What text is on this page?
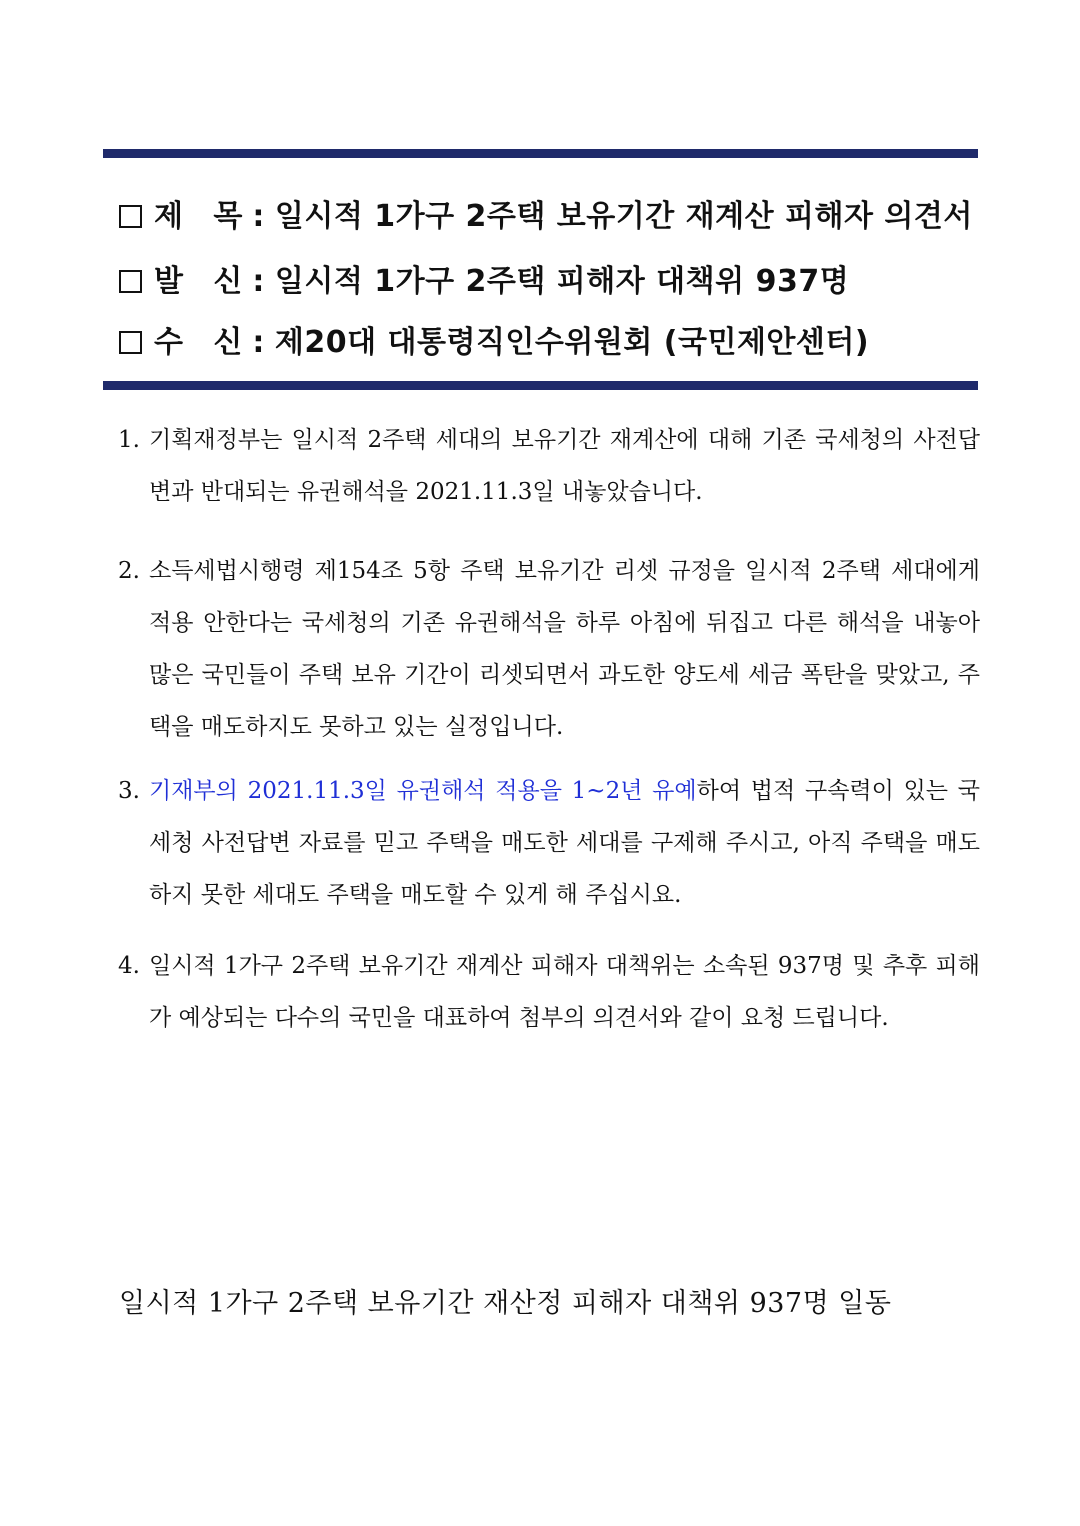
제 목: 일시적 1가구 2주택 보유기간 재계산 피해자 의견서
발 신: 일시적 1가구 2주택 피해자 대책위 937명
수 신: 제20대 대통령직인수위원회 (국민제안센터)
1. 기획재정부는 일시적 2주택 세대의 보유기간 재계산에 대해 기존 국세청의 사전답변과 반대되는 유권해석을 2021.11.3일 내놓았습니다.
2. 소득세법시행령 제154조 5항 주택 보유기간 리셋 규정을 일시적 2주택 세대에게 적용 안한다는 국세청의 기존 유권해석을 하루 아침에 뒤집고 다른 해석을 내놓아 많은 국민들이 주택 보유 기간이 리셋되면서 과도한 양도세 세금 폭탄을 맞았고, 주택을 매도하지도 못하고 있는 실정입니다.
3. 기재부의 2021.11.3일 유권해석 적용을 1~2년 유예하여 법적 구속력이 있는 국세청 사전답변 자료를 믿고 주택을 매도한 세대를 구제해 주시고, 아직 주택을 매도하지 못한 세대도 주택을 매도할 수 있게 해 주십시요.
4. 일시적 1가구 2주택 보유기간 재계산 피해자 대책위는 소속된 937명 및 추후 피해가 예상되는 다수의 국민을 대표하여 첨부의 의견서와 같이 요청 드립니다.
일시적 1가구 2주택 보유기간 재산정 피해자 대책위 937명 일동
